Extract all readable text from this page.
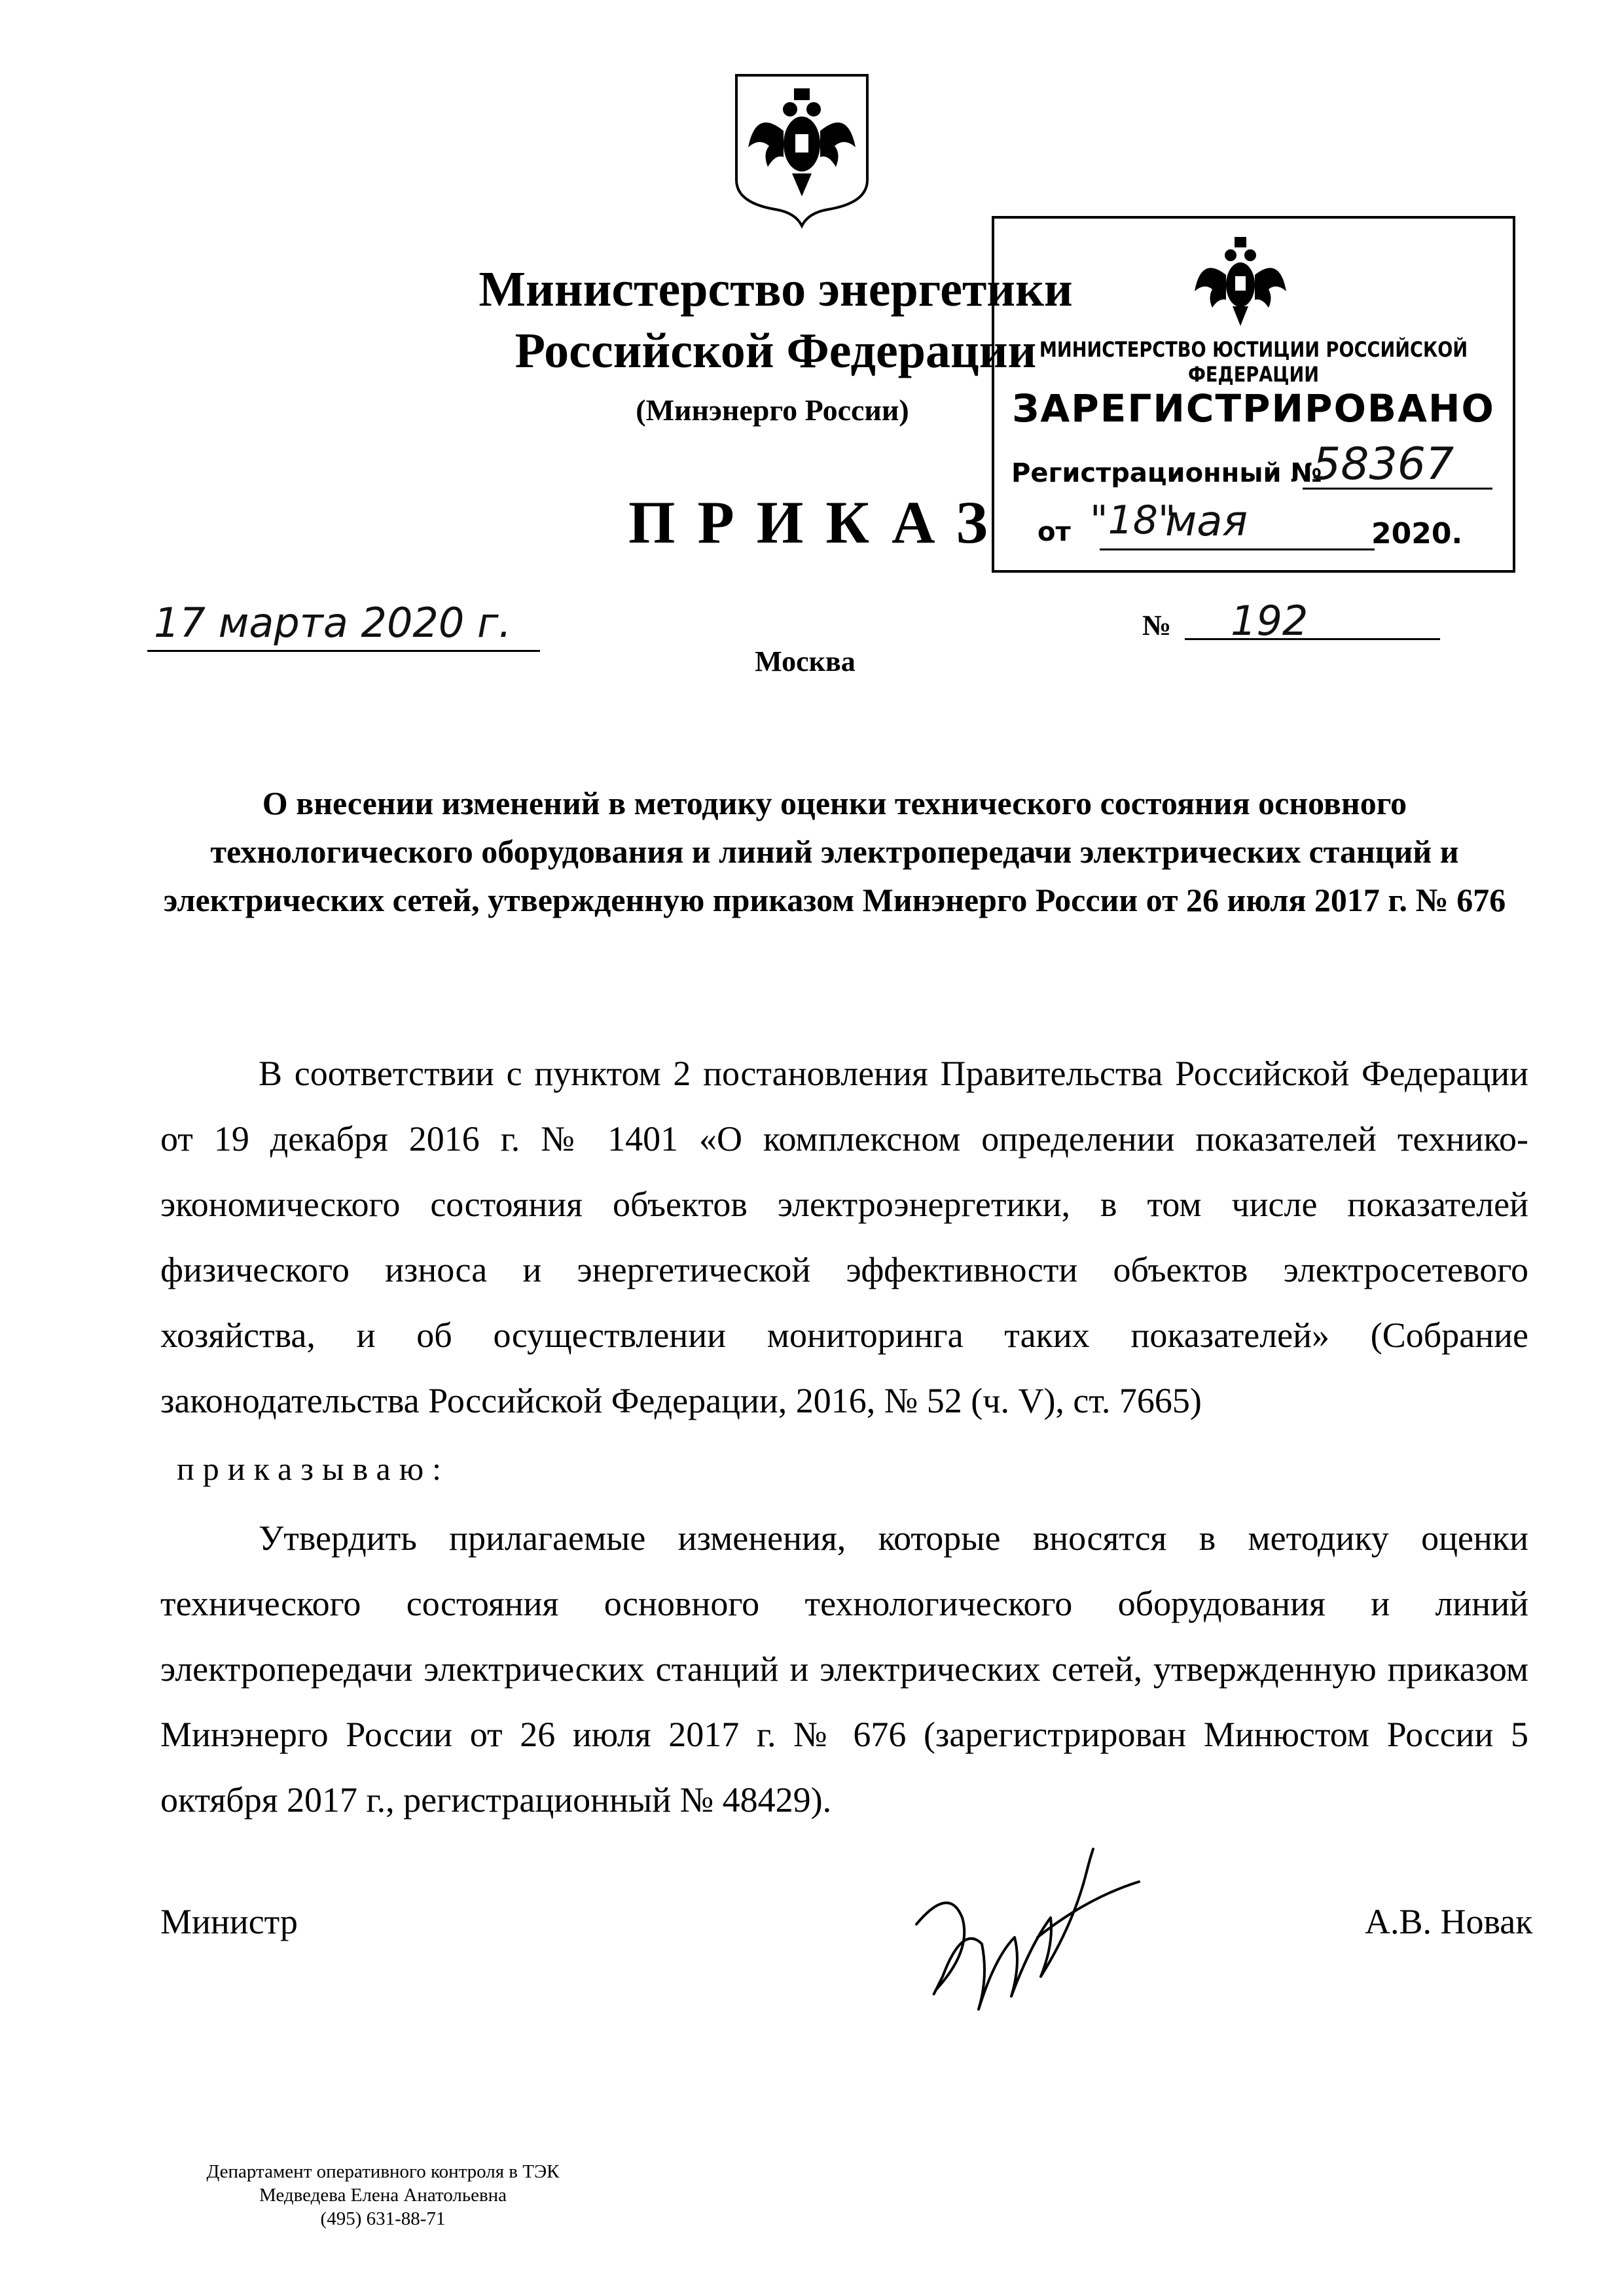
Министерство энергетики
Российской Федерации
(Минэнерго России)
ПРИКАЗ
17 марта 2020 г.	№ 192
Москва
МИНИСТЕРСТВО ЮСТИЦИИ РОССИЙСКОЙ ФЕДЕРАЦИИ
ЗАРЕГИСТРИРОВАНО
Регистрационный №
58367
от "18"
мая	2020.
О внесении изменений в методику оценки технического состояния основного технологического оборудования и линий электропередачи электрических станций и электрических сетей, утвержденную приказом Минэнерго России от 26 июля 2017 г. № 676
В соответствии с пунктом 2 постановления Правительства Российской Федерации от 19 декабря 2016 г. № 1401 «О комплексном определении показателей технико-экономического состояния объектов электроэнергетики, в том числе показателей физического износа и энергетической эффективности объектов электросетевого хозяйства, и об осуществлении мониторинга таких показателей» (Собрание законодательства Российской Федерации, 2016, № 52 (ч. V), ст. 7665)
приказываю:
Утвердить прилагаемые изменения, которые вносятся в методику оценки технического состояния основного технологического оборудования и линий электропередачи электрических станций и электрических сетей, утвержденную приказом Минэнерго России от 26 июля 2017 г. № 676 (зарегистрирован Минюстом России 5 октября 2017 г., регистрационный № 48429).
Министр	А.В. Новак
Департамент оперативного контроля в ТЭК
Медведева Елена Анатольевна
(495) 631-88-71
